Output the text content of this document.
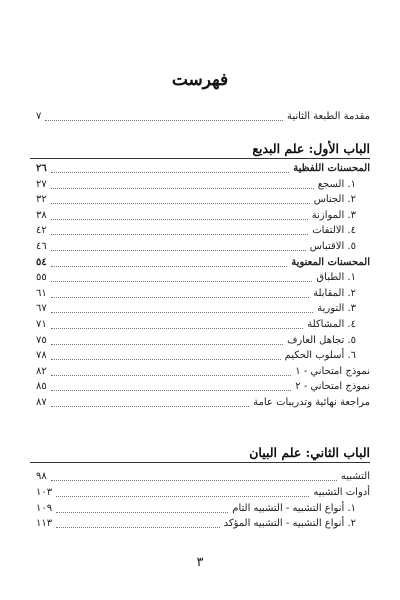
فهرست
مقدمة الطبعة الثانية
٧
الباب الأول: علم البديع
المحسنات اللفظية
٢٦
١. السجع
٢٧
٢. الجناس
٣٢
٣. الموازنة
٣٨
٤. الالتفات
٤٢
٥. الاقتباس
٤٦
المحسنات المعنوية
٥٤
١. الطباق
٥٥
٢. المقابلة
٦١
٣. التورية
٦٧
٤. المشاكلة
٧١
٥. تجاهل العارف
٧٥
٦. أسلوب الحكيم
٧٨
نموذج امتحاني - ١
٨٢
نموذج امتحاني - ٢
٨٥
مراجعة نهائية وتدريبات عامة
٨٧
الباب الثاني: علم البيان
التشبيه
٩٨
أدوات التشبيه
١٠٣
١. أنواع التشبيه - التشبيه التام
١٠٩
٢. أنواع التشبيه - التشبيه المؤكد
١١٣
٣
